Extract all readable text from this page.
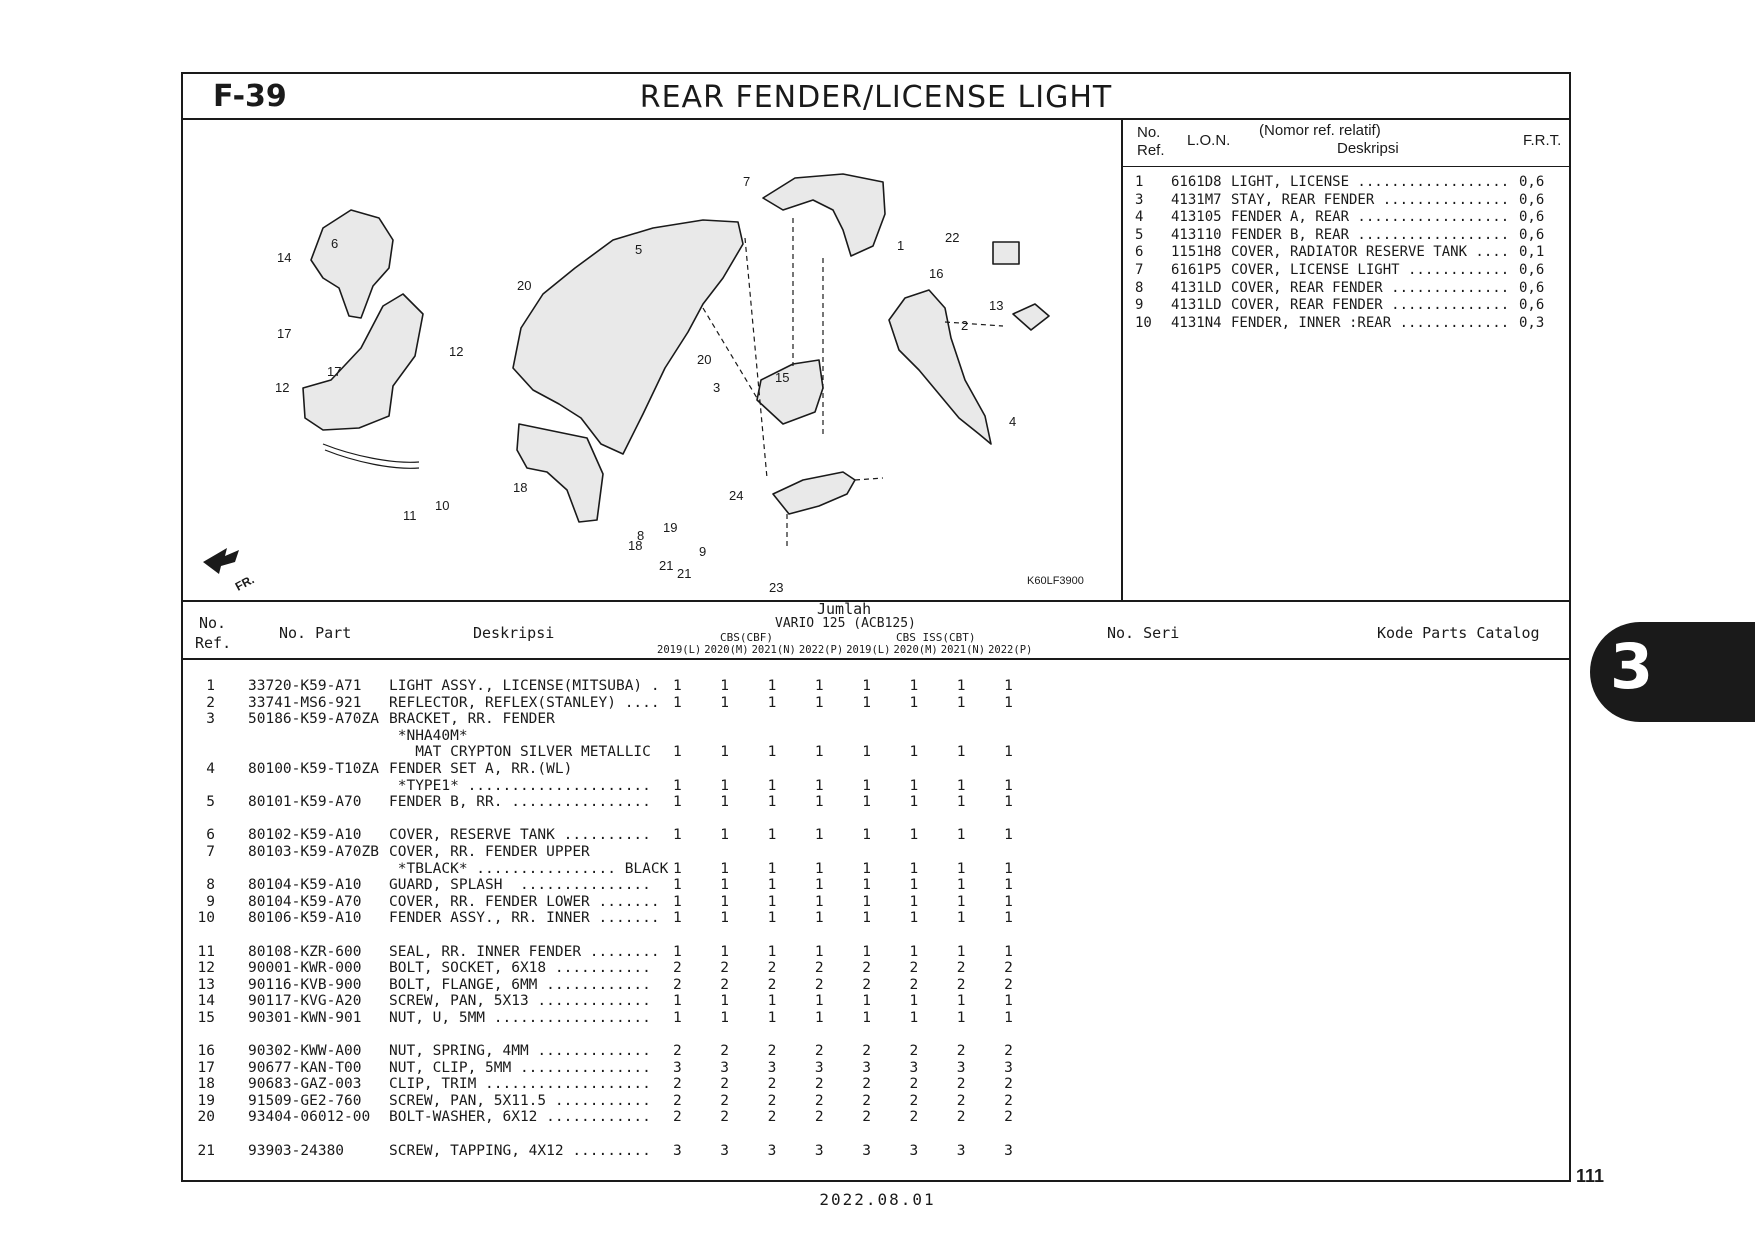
F-39	REAR FENDER/LICENSE LIGHT
FR.	K60LF3900
1
2
3
4
5
6
7
8
9
10
11
12
12
13
14
15
16
17
17
18
18
19
20
20
21
21
22
23
24
No.
Ref.
L.O.N.
(Nomor ref. relatif)
Deskripsi	F.R.T.
1 6161D8 LIGHT, LICENSE .................. 0,6
3 4131M7 STAY, REAR FENDER ............... 0,6
4 413105 FENDER A, REAR .................. 0,6
5 413110 FENDER B, REAR .................. 0,6
6 1151H8 COVER, RADIATOR RESERVE TANK .... 0,1
7 6161P5 COVER, LICENSE LIGHT ............ 0,6
8 4131LD COVER, REAR FENDER .............. 0,6
9 4131LD COVER, REAR FENDER .............. 0,6
10 4131N4 FENDER, INNER :REAR ............. 0,3
No.
Ref.
No. Part	Deskripsi
Jumlah
VARIO 125 (ACB125)
CBS(CBF)	CBS ISS(CBT)
2019(L) 2020(M) 2021(N) 2022(P) 2019(L) 2020(M) 2021(N) 2022(P)
No. Seri	Kode Parts Catalog
1 33720-K59-A71 LIGHT ASSY., LICENSE(MITSUBA) . 1	1	1	1	1	1	1	1
2 33741-MS6-921 REFLECTOR, REFLEX(STANLEY) .... 1	1	1	1	1	1	1	1
3 50186-K59-A70ZA BRACKET, RR. FENDER
*NHA40M*
MAT CRYPTON SILVER METALLIC 1	1	1	1	1	1	1	1
4 80100-K59-T10ZA FENDER SET A, RR.(WL)
*TYPE1* ..................... 1	1	1	1	1	1	1	1
5 80101-K59-A70 FENDER B, RR. ................ 1	1	1	1	1	1	1	1
6 80102-K59-A10 COVER, RESERVE TANK .......... 1	1	1	1	1	1	1	1
7 80103-K59-A70ZB COVER, RR. FENDER UPPER
*TBLACK* ................ BLACK 1	1	1	1	1	1	1	1
8 80104-K59-A10 GUARD, SPLASH  ............... 1	1	1	1	1	1	1	1
9 80104-K59-A70 COVER, RR. FENDER LOWER ....... 1	1	1	1	1	1	1	1
10 80106-K59-A10 FENDER ASSY., RR. INNER ....... 1	1	1	1	1	1	1	1
11 80108-KZR-600 SEAL, RR. INNER FENDER ........ 1	1	1	1	1	1	1	1
12 90001-KWR-000 BOLT, SOCKET, 6X18 ........... 2	2	2	2	2	2	2	2
13 90116-KVB-900 BOLT, FLANGE, 6MM ............ 2	2	2	2	2	2	2	2
14 90117-KVG-A20 SCREW, PAN, 5X13 ............. 1	1	1	1	1	1	1	1
15 90301-KWN-901 NUT, U, 5MM .................. 1	1	1	1	1	1	1	1
16 90302-KWW-A00 NUT, SPRING, 4MM ............. 2	2	2	2	2	2	2	2
17 90677-KAN-T00 NUT, CLIP, 5MM ............... 3	3	3	3	3	3	3	3
18 90683-GAZ-003 CLIP, TRIM ................... 2	2	2	2	2	2	2	2
19 91509-GE2-760 SCREW, PAN, 5X11.5 ........... 2	2	2	2	2	2	2	2
20 93404-06012-00 BOLT-WASHER, 6X12 ............ 2	2	2	2	2	2	2	2
21 93903-24380	SCREW, TAPPING, 4X12 ......... 3	3	3	3	3	3	3	3
3
111
2022.08.01
